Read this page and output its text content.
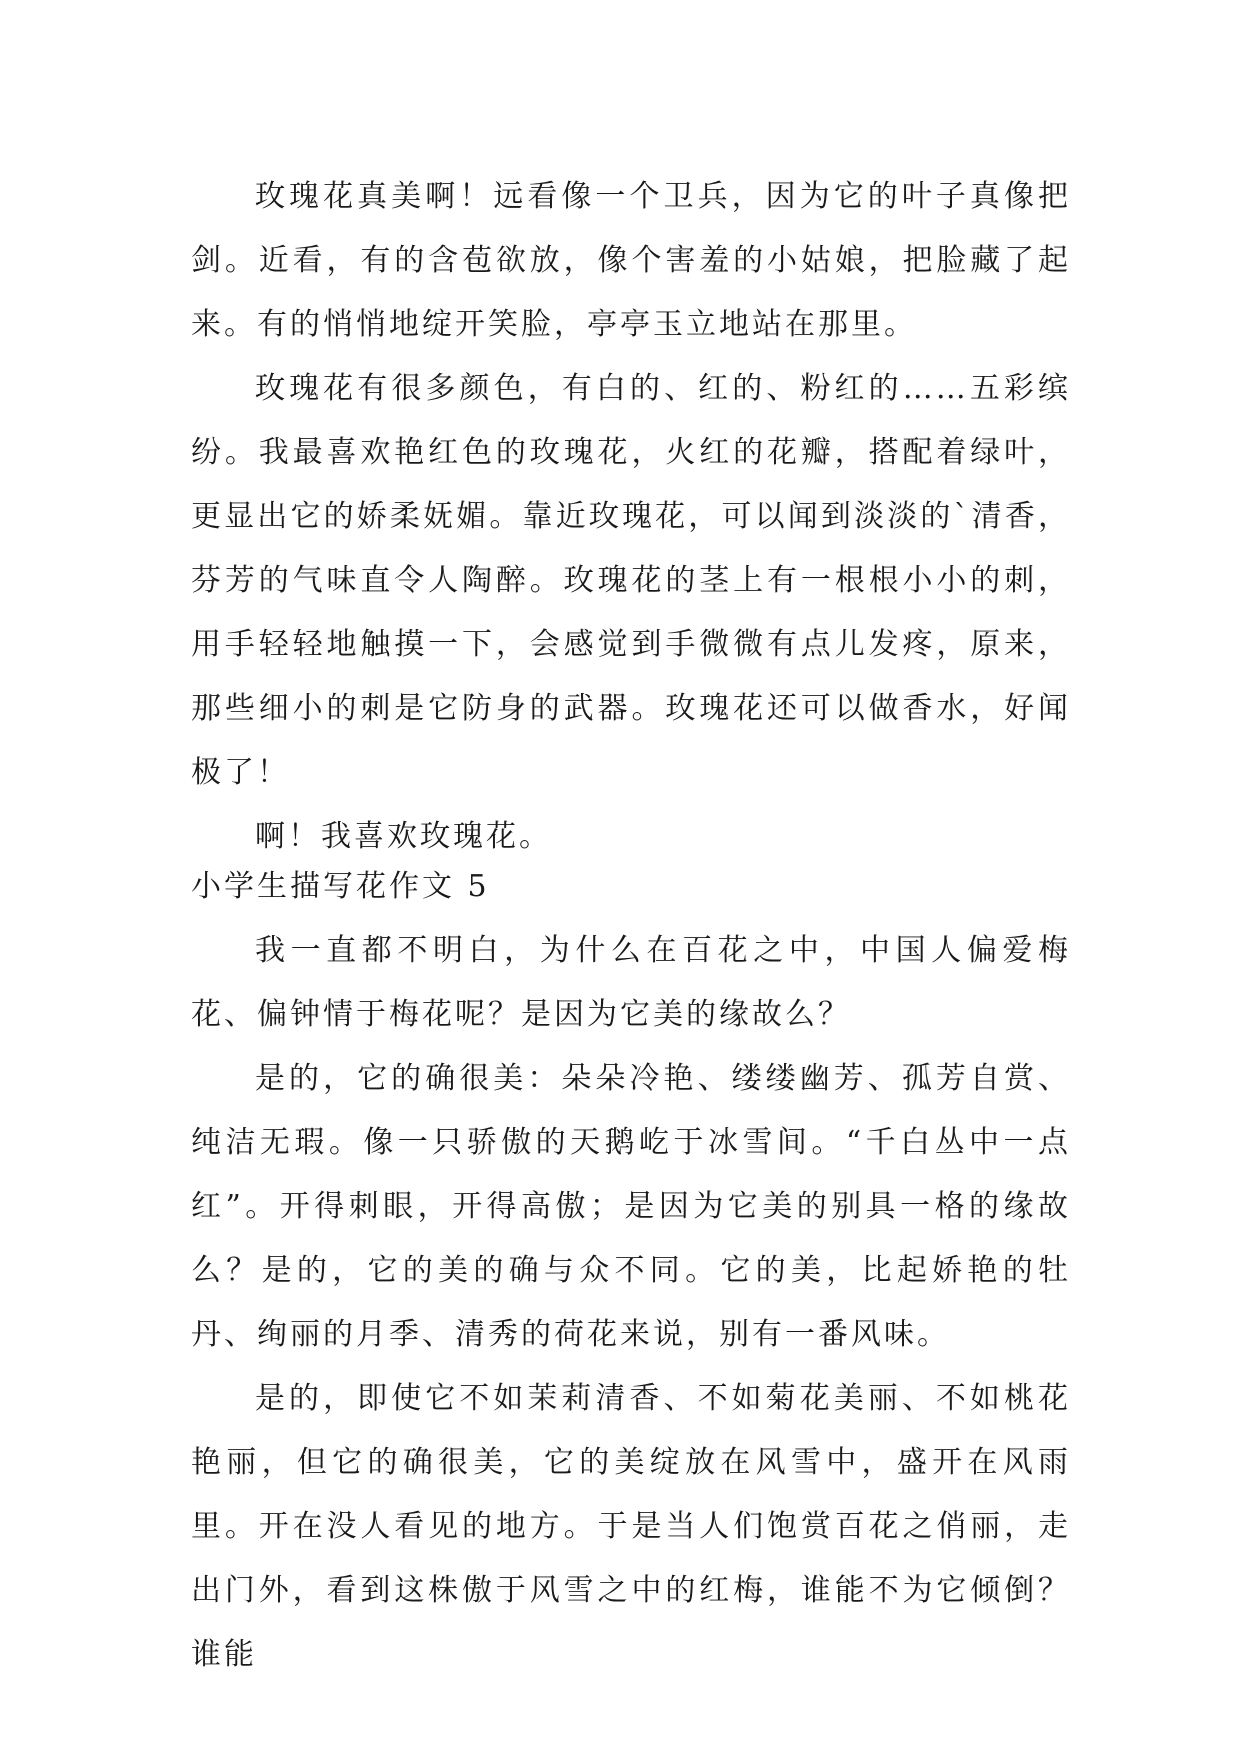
玫瑰花真美啊！远看像一个卫兵，因为它的叶子真像把剑。近看，有的含苞欲放，像个害羞的小姑娘，把脸藏了起来。有的悄悄地绽开笑脸，亭亭玉立地站在那里。

玫瑰花有很多颜色，有白的、红的、粉红的……五彩缤纷。我最喜欢艳红色的玫瑰花，火红的花瓣，搭配着绿叶，更显出它的娇柔妩媚。靠近玫瑰花，可以闻到淡淡的`清香，芬芳的气味直令人陶醉。玫瑰花的茎上有一根根小小的刺，用手轻轻地触摸一下，会感觉到手微微有点儿发疼，原来，那些细小的刺是它防身的武器。玫瑰花还可以做香水，好闻极了！

啊！我喜欢玫瑰花。

小学生描写花作文 5

我一直都不明白，为什么在百花之中，中国人偏爱梅花、偏钟情于梅花呢？是因为它美的缘故么？

是的，它的确很美：朵朵冷艳、缕缕幽芳、孤芳自赏、纯洁无瑕。像一只骄傲的天鹅屹于冰雪间。“千白丛中一点红”。开得刺眼，开得高傲；是因为它美的别具一格的缘故么？是的，它的美的确与众不同。它的美，比起娇艳的牡丹、绚丽的月季、清秀的荷花来说，别有一番风味。

是的，即使它不如茉莉清香、不如菊花美丽、不如桃花艳丽，但它的确很美，它的美绽放在风雪中，盛开在风雨里。开在没人看见的地方。于是当人们饱赏百花之俏丽，走出门外，看到这株傲于风雪之中的红梅，谁能不为它倾倒？谁能
